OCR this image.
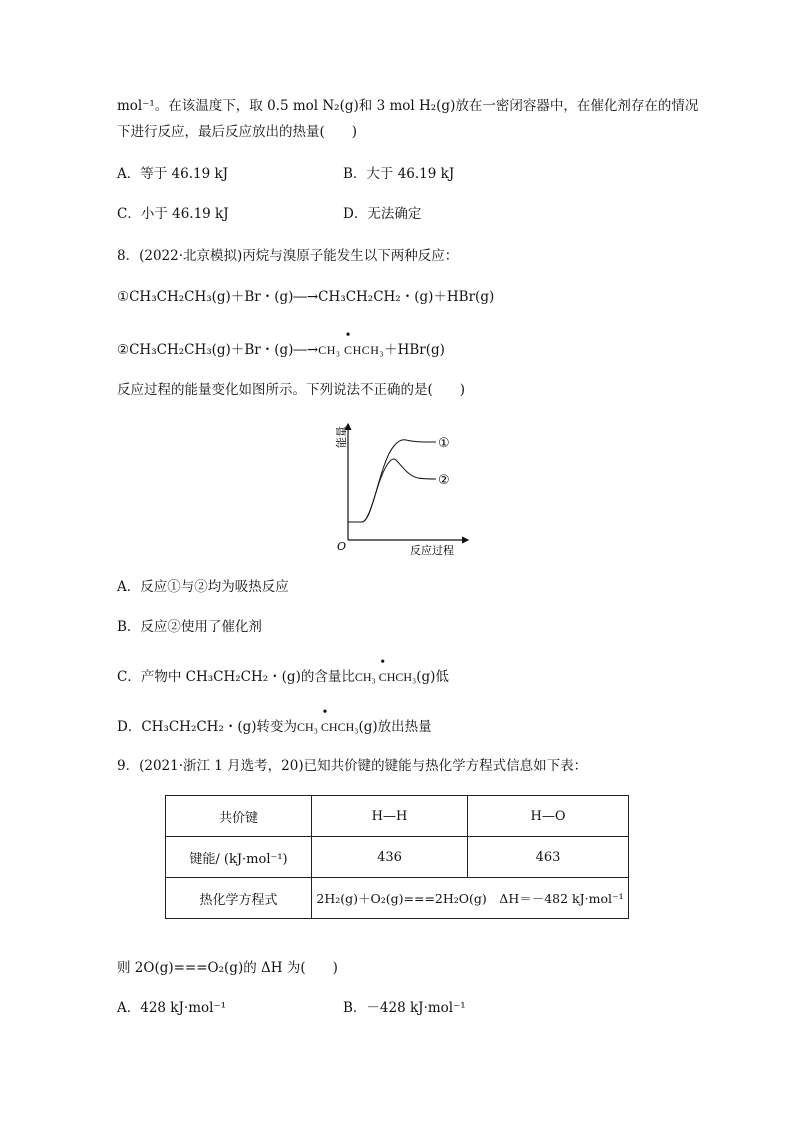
mol⁻¹。在该温度下，取 0.5 mol N₂(g)和 3 mol H₂(g)放在一密闭容器中，在催化剂存在的情况
下进行反应，最后反应放出的热量(　　)
A．等于 46.19 kJ	B．大于 46.19 kJ
C．小于 46.19 kJ	D．无法确定
8．(2022·北京模拟)丙烷与溴原子能发生以下两种反应：
①CH₃CH₂CH₃(g)＋Br・(g)―→CH₃CH₂CH₂・(g)＋HBr(g)
②CH₃CH₂CH₃(g)＋Br・(g)―→CH₃
•
CHCH₃＋HBr(g)
反应过程的能量变化如图所示。下列说法不正确的是(　　)
①
②
O	反应过程
能量
A．反应①与②均为吸热反应
B．反应②使用了催化剂
C．产物中 CH₃CH₂CH₂・(g)的含量比CH₃
•
CHCH₃(g)低
D．CH₃CH₂CH₂・(g)转变为CH₃
•
CHCH₃(g)放出热量
9．(2021·浙江 1 月选考，20)已知共价键的键能与热化学方程式信息如下表：
共价键	H—H	H—O
键能/ (kJ·mol⁻¹)	436	463
热化学方程式	2H₂(g)＋O₂(g)===2H₂O(g)　ΔH＝－482 kJ·mol⁻¹	
则 2O(g)===O₂(g)的 ΔH 为(　　)
A．428 kJ·mol⁻¹	B．－428 kJ·mol⁻¹
